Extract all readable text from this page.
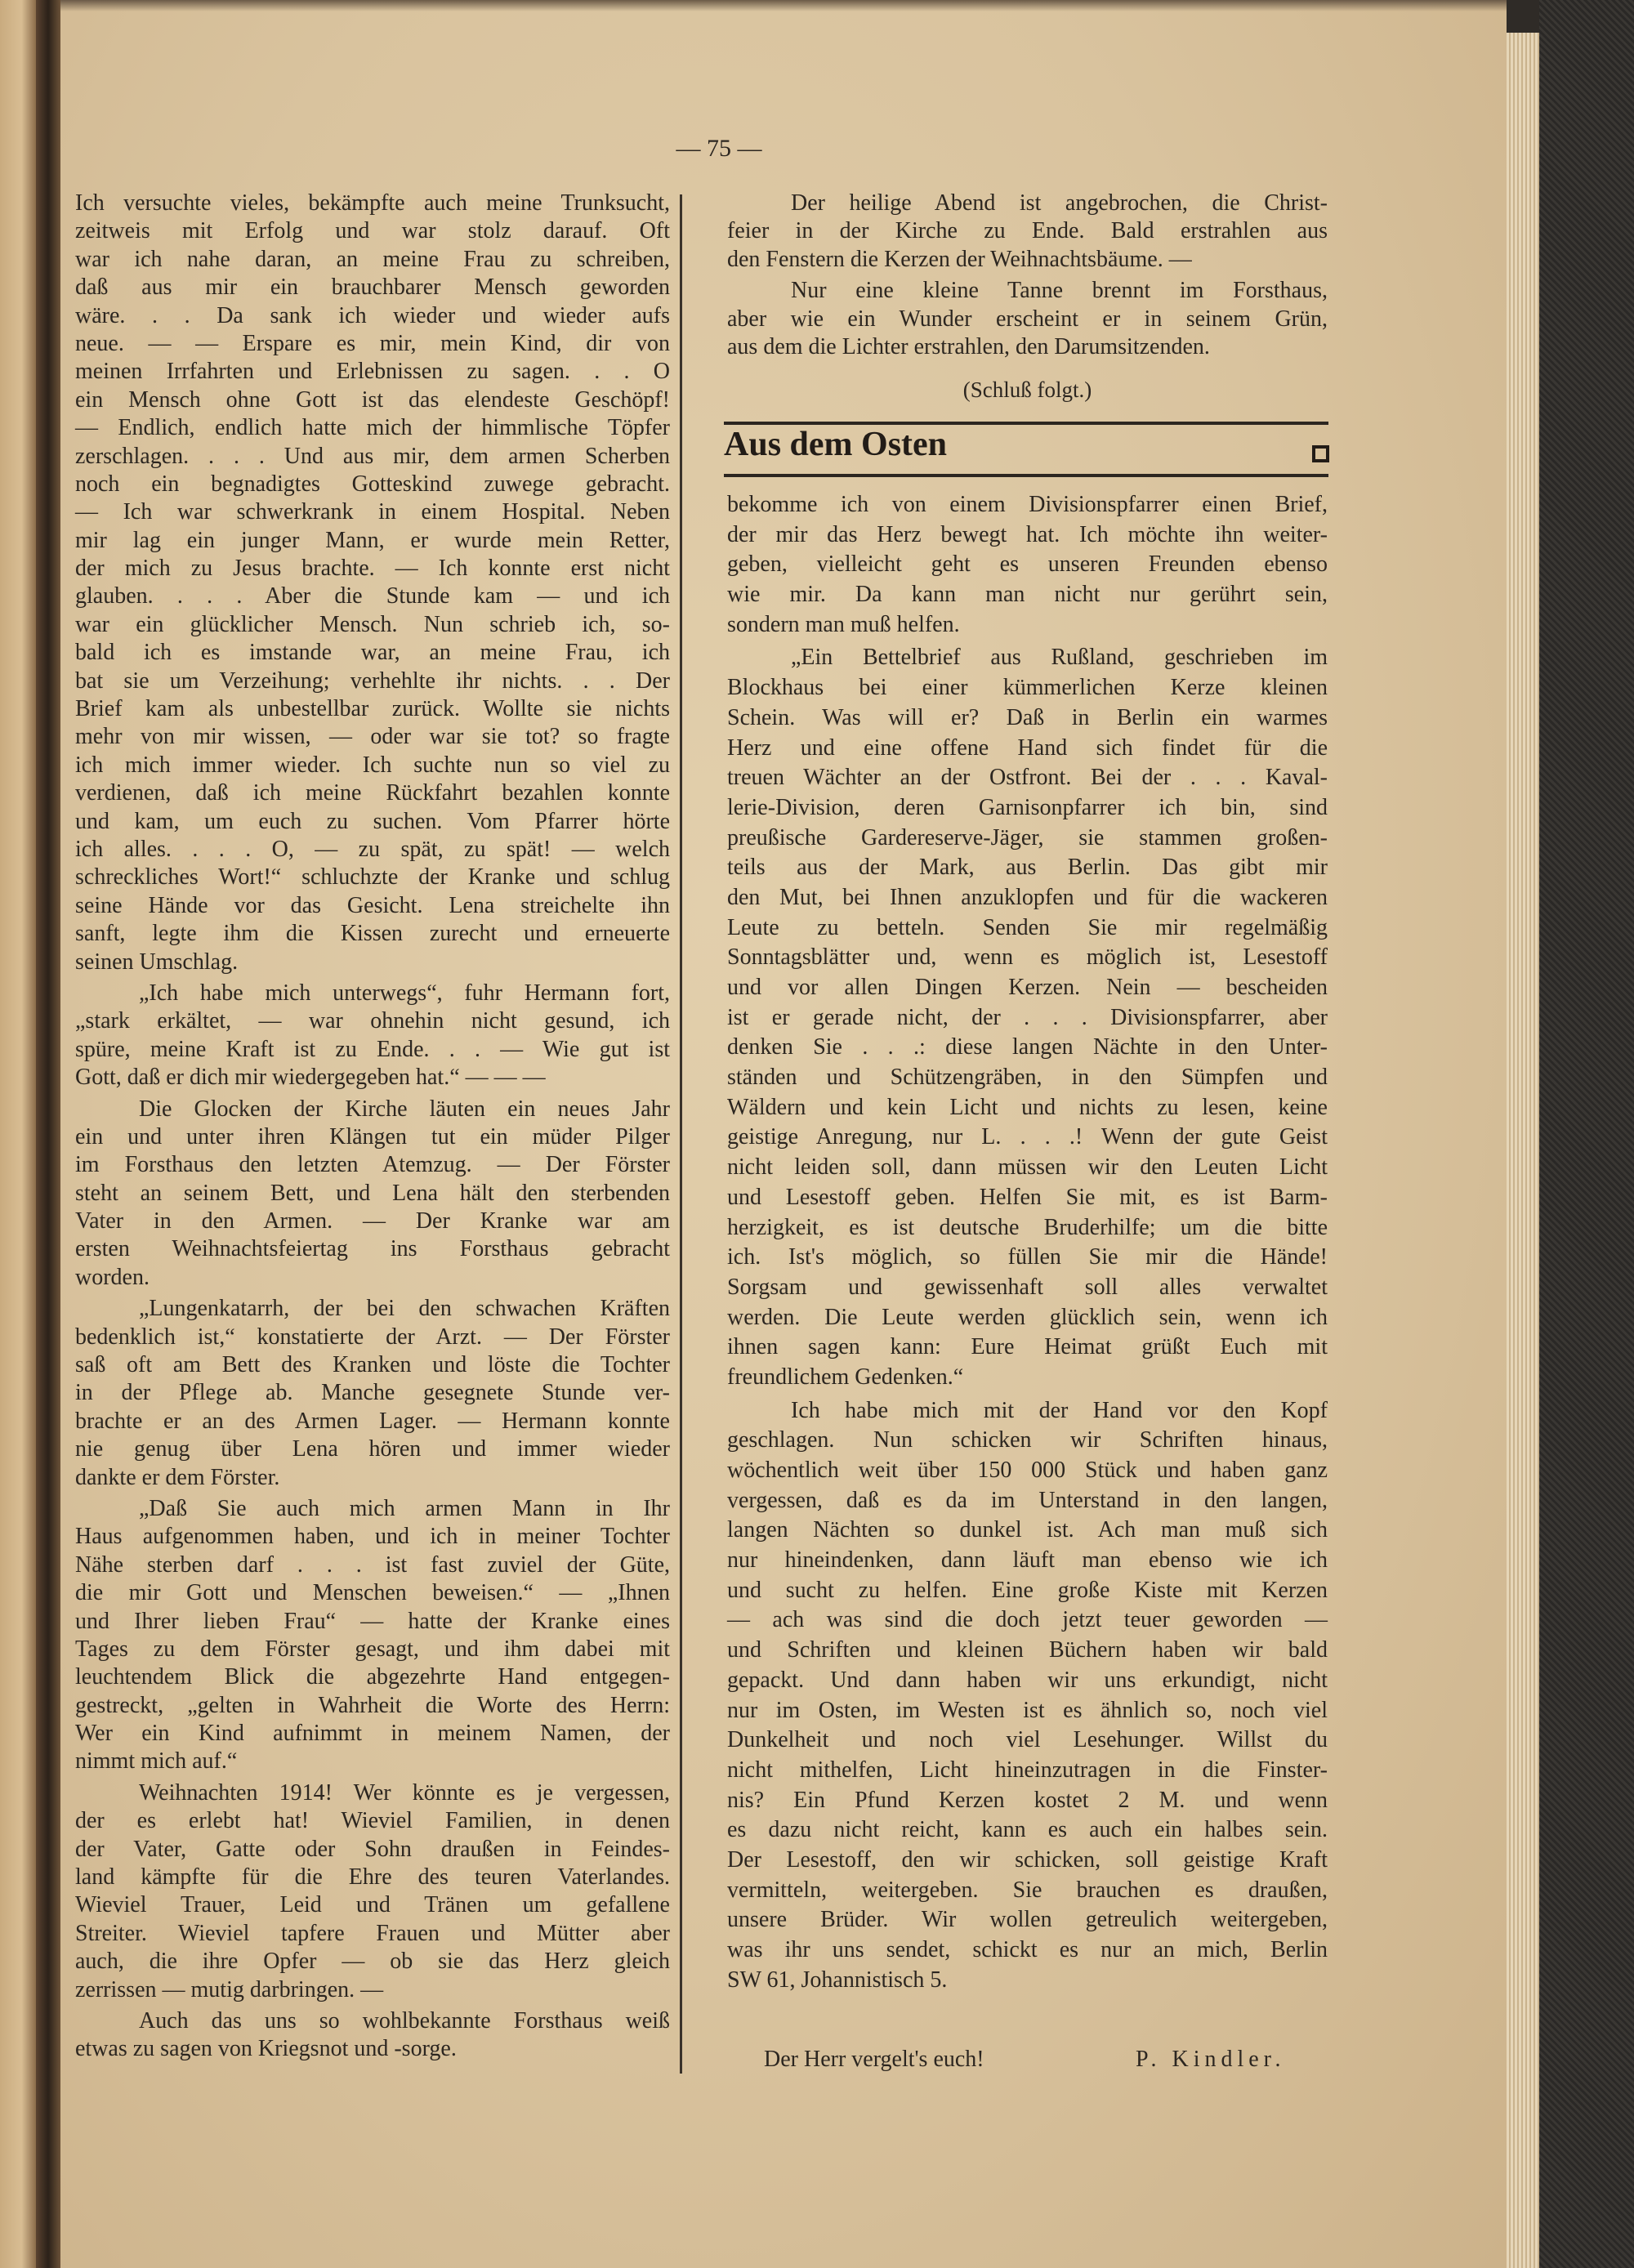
— 75 —
Ich versuchte vieles, bekämpfte auch meine Trunksucht,
zeitweis mit Erfolg und war stolz darauf. Oft
war ich nahe daran, an meine Frau zu schreiben,
daß aus mir ein brauchbarer Mensch geworden
wäre. . . Da sank ich wieder und wieder aufs
neue. — — Erspare es mir, mein Kind, dir von
meinen Irrfahrten und Erlebnissen zu sagen. . . O
ein Mensch ohne Gott ist das elendeste Geschöpf!
— Endlich, endlich hatte mich der himmlische Töpfer
zerschlagen. . . . Und aus mir, dem armen Scherben
noch ein begnadigtes Gotteskind zuwege gebracht.
— Ich war schwerkrank in einem Hospital. Neben
mir lag ein junger Mann, er wurde mein Retter,
der mich zu Jesus brachte. — Ich konnte erst nicht
glauben. . . . Aber die Stunde kam — und ich
war ein glücklicher Mensch. Nun schrieb ich, so-
bald ich es imstande war, an meine Frau, ich
bat sie um Verzeihung; verhehlte ihr nichts. . . Der
Brief kam als unbestellbar zurück. Wollte sie nichts
mehr von mir wissen, — oder war sie tot? so fragte
ich mich immer wieder. Ich suchte nun so viel zu
verdienen, daß ich meine Rückfahrt bezahlen konnte
und kam, um euch zu suchen. Vom Pfarrer hörte
ich alles. . . . O, — zu spät, zu spät! — welch
schreckliches Wort!“ schluchzte der Kranke und schlug
seine Hände vor das Gesicht. Lena streichelte ihn
sanft, legte ihm die Kissen zurecht und erneuerte
seinen Umschlag.
„Ich habe mich unterwegs“, fuhr Hermann fort,
„stark erkältet, — war ohnehin nicht gesund, ich
spüre, meine Kraft ist zu Ende. . . — Wie gut ist
Gott, daß er dich mir wiedergegeben hat.“ — — —
Die Glocken der Kirche läuten ein neues Jahr
ein und unter ihren Klängen tut ein müder Pilger
im Forsthaus den letzten Atemzug. — Der Förster
steht an seinem Bett, und Lena hält den sterbenden
Vater in den Armen. — Der Kranke war am
ersten Weihnachtsfeiertag ins Forsthaus gebracht
worden.
„Lungenkatarrh, der bei den schwachen Kräften
bedenklich ist,“ konstatierte der Arzt. — Der Förster
saß oft am Bett des Kranken und löste die Tochter
in der Pflege ab. Manche gesegnete Stunde ver-
brachte er an des Armen Lager. — Hermann konnte
nie genug über Lena hören und immer wieder
dankte er dem Förster.
„Daß Sie auch mich armen Mann in Ihr
Haus aufgenommen haben, und ich in meiner Tochter
Nähe sterben darf . . . ist fast zuviel der Güte,
die mir Gott und Menschen beweisen.“ — „Ihnen
und Ihrer lieben Frau“ — hatte der Kranke eines
Tages zu dem Förster gesagt, und ihm dabei mit
leuchtendem Blick die abgezehrte Hand entgegen-
gestreckt, „gelten in Wahrheit die Worte des Herrn:
Wer ein Kind aufnimmt in meinem Namen, der
nimmt mich auf.“
Weihnachten 1914! Wer könnte es je vergessen,
der es erlebt hat! Wieviel Familien, in denen
der Vater, Gatte oder Sohn draußen in Feindes-
land kämpfte für die Ehre des teuren Vaterlandes.
Wieviel Trauer, Leid und Tränen um gefallene
Streiter. Wieviel tapfere Frauen und Mütter aber
auch, die ihre Opfer — ob sie das Herz gleich
zerrissen — mutig darbringen. —
Auch das uns so wohlbekannte Forsthaus weiß
etwas zu sagen von Kriegsnot und -sorge.
Der heilige Abend ist angebrochen, die Christ-
feier in der Kirche zu Ende. Bald erstrahlen aus
den Fenstern die Kerzen der Weihnachtsbäume. —
Nur eine kleine Tanne brennt im Forsthaus,
aber wie ein Wunder erscheint er in seinem Grün,
aus dem die Lichter erstrahlen, den Darumsitzenden.
(Schluß folgt.)
Aus dem Osten
bekomme ich von einem Divisionspfarrer einen Brief,
der mir das Herz bewegt hat. Ich möchte ihn weiter-
geben, vielleicht geht es unseren Freunden ebenso
wie mir. Da kann man nicht nur gerührt sein,
sondern man muß helfen.
„Ein Bettelbrief aus Rußland, geschrieben im
Blockhaus bei einer kümmerlichen Kerze kleinen
Schein. Was will er? Daß in Berlin ein warmes
Herz und eine offene Hand sich findet für die
treuen Wächter an der Ostfront. Bei der . . . Kaval-
lerie-Division, deren Garnisonpfarrer ich bin, sind
preußische Gardereserve-Jäger, sie stammen großen-
teils aus der Mark, aus Berlin. Das gibt mir
den Mut, bei Ihnen anzuklopfen und für die wackeren
Leute zu betteln. Senden Sie mir regelmäßig
Sonntagsblätter und, wenn es möglich ist, Lesestoff
und vor allen Dingen Kerzen. Nein — bescheiden
ist er gerade nicht, der . . . Divisionspfarrer, aber
denken Sie . . .: diese langen Nächte in den Unter-
ständen und Schützengräben, in den Sümpfen und
Wäldern und kein Licht und nichts zu lesen, keine
geistige Anregung, nur L. . . .! Wenn der gute Geist
nicht leiden soll, dann müssen wir den Leuten Licht
und Lesestoff geben. Helfen Sie mit, es ist Barm-
herzigkeit, es ist deutsche Bruderhilfe; um die bitte
ich. Ist's möglich, so füllen Sie mir die Hände!
Sorgsam und gewissenhaft soll alles verwaltet
werden. Die Leute werden glücklich sein, wenn ich
ihnen sagen kann: Eure Heimat grüßt Euch mit
freundlichem Gedenken.“
Ich habe mich mit der Hand vor den Kopf
geschlagen. Nun schicken wir Schriften hinaus,
wöchentlich weit über 150 000 Stück und haben ganz
vergessen, daß es da im Unterstand in den langen,
langen Nächten so dunkel ist. Ach man muß sich
nur hineindenken, dann läuft man ebenso wie ich
und sucht zu helfen. Eine große Kiste mit Kerzen
— ach was sind die doch jetzt teuer geworden —
und Schriften und kleinen Büchern haben wir bald
gepackt. Und dann haben wir uns erkundigt, nicht
nur im Osten, im Westen ist es ähnlich so, noch viel
Dunkelheit und noch viel Lesehunger. Willst du
nicht mithelfen, Licht hineinzutragen in die Finster-
nis? Ein Pfund Kerzen kostet 2 M. und wenn
es dazu nicht reicht, kann es auch ein halbes sein.
Der Lesestoff, den wir schicken, soll geistige Kraft
vermitteln, weitergeben. Sie brauchen es draußen,
unsere Brüder. Wir wollen getreulich weitergeben,
was ihr uns sendet, schickt es nur an mich, Berlin
SW 61, Johannistisch 5.
Der Herr vergelt's euch!	P. Kindler.
